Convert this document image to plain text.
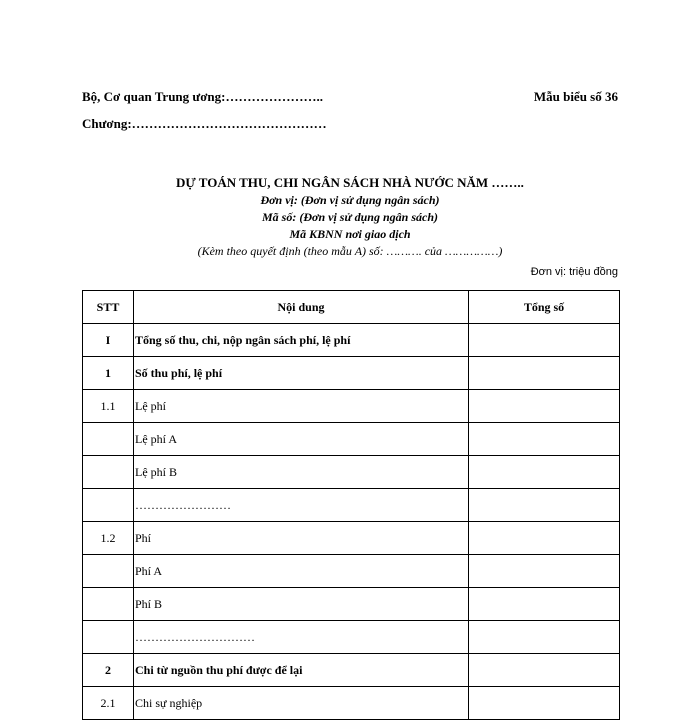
Bộ, Cơ quan Trung ương:…………………..	Mẫu biểu số 36
Chương:………………………………………
DỰ TOÁN THU, CHI NGÂN SÁCH NHÀ NƯỚC NĂM ……..
Đơn vị: (Đơn vị sử dụng ngân sách)
Mã số: (Đơn vị sử dụng ngân sách)
Mã KBNN nơi giao dịch
(Kèm theo quyết định (theo mẫu A) số: ………. của ……………)
Đơn vị: triệu đồng
STT	Nội dung	Tổng số
I	Tổng số thu, chi, nộp ngân sách phí, lệ phí	
1	Số thu phí, lệ phí	
1.1	Lệ phí	
	Lệ phí A	
	Lệ phí B	
	……………………	
1.2	Phí	
	Phí A	
	Phí B	
	…………………………	
2	Chi từ nguồn thu phí được để lại	
2.1	Chi sự nghiệp	
